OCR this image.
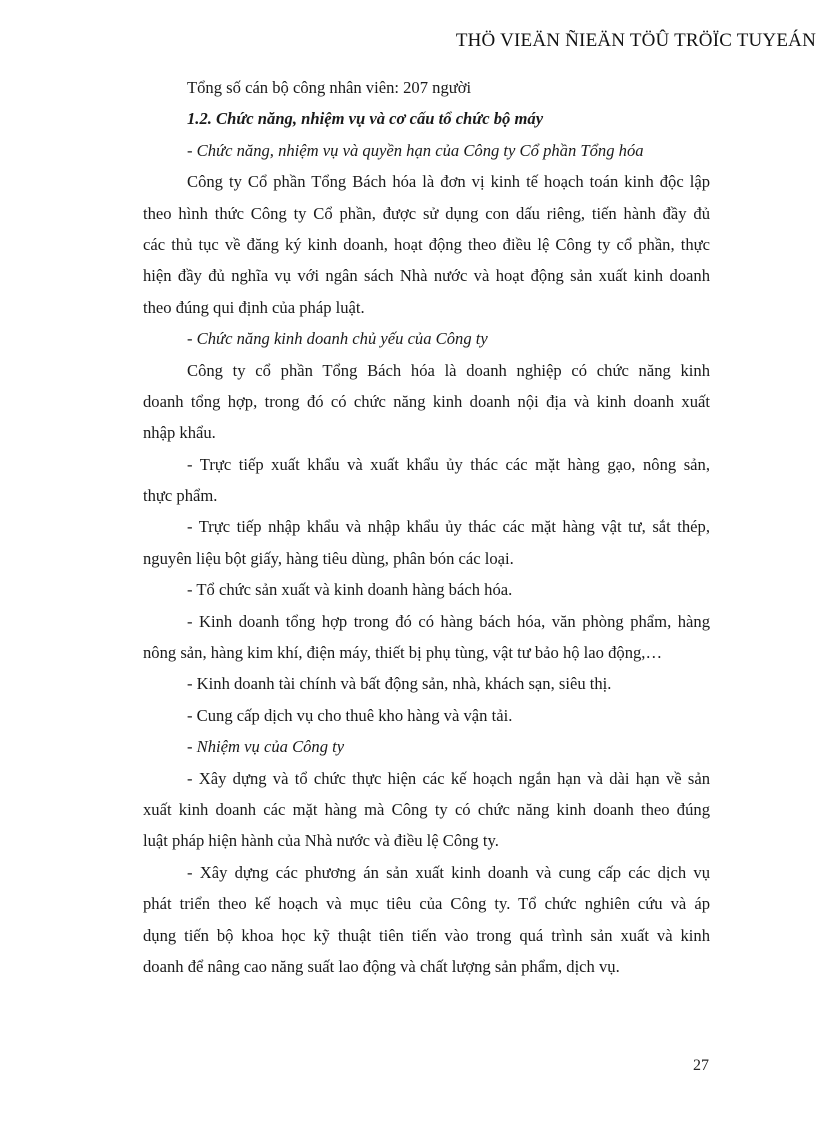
THÖ VIEÄN ÑIEÄN TÖÛ TRÖÏC TUYEÁN
Tổng số cán bộ công nhân viên: 207 người
1.2. Chức năng, nhiệm vụ và cơ cấu tổ chức bộ máy
- Chức năng, nhiệm vụ và quyền hạn của Công ty Cổ phần Tổng hóa
Công ty Cổ phần Tổng Bách hóa là đơn vị kinh tế hoạch toán kinh độc lập
theo hình thức Công ty Cổ phần, được sử dụng con dấu riêng, tiến hành đầy đủ
các thủ tục về đăng ký kinh doanh, hoạt động theo điều lệ Công ty cổ phần, thực
hiện đầy đủ nghĩa vụ với ngân sách Nhà nước và hoạt động sản xuất kinh doanh
theo đúng qui định của pháp luật.
- Chức năng kinh doanh chủ yếu của Công ty
Công ty cổ phần Tổng Bách hóa là doanh nghiệp có chức năng kinh
doanh tổng hợp, trong đó có chức năng kinh doanh nội địa và kinh doanh xuất
nhập khẩu.
- Trực tiếp xuất khẩu và xuất khẩu ủy thác các mặt hàng gạo, nông sản,
thực phẩm.
- Trực tiếp nhập khẩu và nhập khẩu ủy thác các mặt hàng vật tư, sắt thép,
nguyên liệu bột giấy, hàng tiêu dùng, phân bón các loại.
- Tổ chức sản xuất và kinh doanh hàng bách hóa.
- Kinh doanh tổng hợp trong đó có hàng bách hóa, văn phòng phẩm, hàng
nông sản, hàng kim khí, điện máy, thiết bị phụ tùng, vật tư bảo hộ lao động,…
- Kinh doanh tài chính và bất động sản, nhà, khách sạn, siêu thị.
- Cung cấp dịch vụ cho thuê kho hàng và vận tải.
- Nhiệm vụ của Công ty
- Xây dựng và tổ chức thực hiện các kế hoạch ngắn hạn và dài hạn về sản
xuất kinh doanh các mặt hàng mà Công ty có chức năng kinh doanh theo đúng
luật pháp hiện hành của Nhà nước và điều lệ Công ty.
- Xây dựng các phương án sản xuất kinh doanh và cung cấp các dịch vụ
phát triển theo kế hoạch và mục tiêu của Công ty. Tổ chức nghiên cứu và áp
dụng tiến bộ khoa học kỹ thuật tiên tiến vào trong quá trình sản xuất và kinh
doanh để nâng cao năng suất lao động và chất lượng sản phẩm, dịch vụ.
27
